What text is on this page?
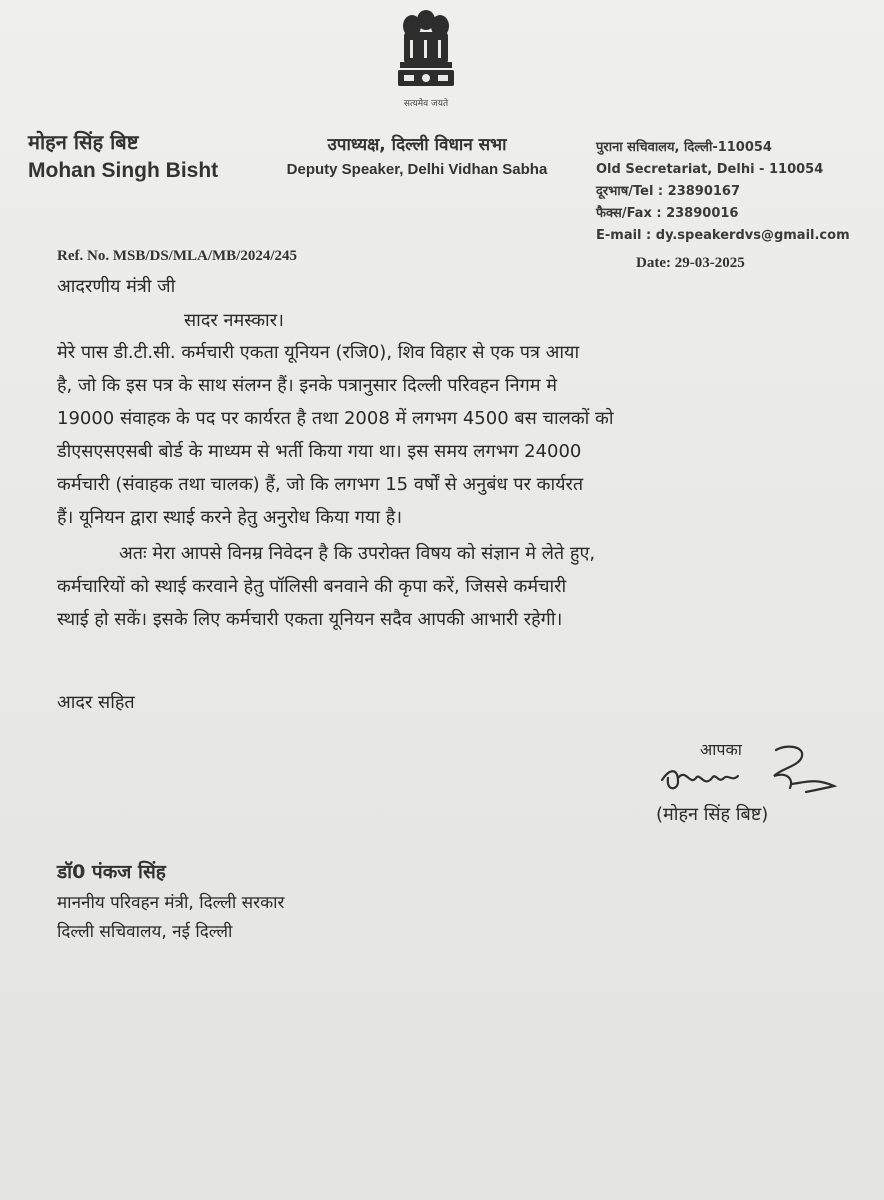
सत्यमेव जयते
मोहन सिंह बिष्ट
Mohan Singh Bisht
उपाध्यक्ष, दिल्ली विधान सभा
Deputy Speaker, Delhi Vidhan Sabha
पुराना सचिवालय, दिल्ली-110054
Old Secretariat, Delhi - 110054
दूरभाष/Tel : 23890167
फैक्स/Fax : 23890016
E-mail : dy.speakerdvs@gmail.com
Ref. No. MSB/DS/MLA/MB/2024/245	Date: 29-03-2025
आदरणीय मंत्री जी
सादर नमस्कार।
मेरे पास डी.टी.सी. कर्मचारी एकता यूनियन (रजि0), शिव विहार से एक पत्र आया
है, जो कि इस पत्र के साथ संलग्न हैं। इनके पत्रानुसार दिल्ली परिवहन निगम मे
19000 संवाहक के पद पर कार्यरत है तथा 2008 में लगभग 4500 बस चालकों को
डीएसएसएसबी बोर्ड के माध्यम से भर्ती किया गया था। इस समय लगभग 24000
कर्मचारी (संवाहक तथा चालक) हैं, जो कि लगभग 15 वर्षों से अनुबंध पर कार्यरत
हैं। यूनियन द्वारा स्थाई करने हेतु अनुरोध किया गया है।
अतः मेरा आपसे विनम्र निवेदन है कि उपरोक्त विषय को संज्ञान मे लेते हुए,
कर्मचारियों को स्थाई करवाने हेतु पॉलिसी बनवाने की कृपा करें, जिससे कर्मचारी
स्थाई हो सकें। इसके लिए कर्मचारी एकता यूनियन सदैव आपकी आभारी रहेगी।
आदर सहित
आपका
(मोहन सिंह बिष्ट)
डॉ0 पंकज सिंह
माननीय परिवहन मंत्री, दिल्ली सरकार
दिल्ली सचिवालय, नई दिल्ली
